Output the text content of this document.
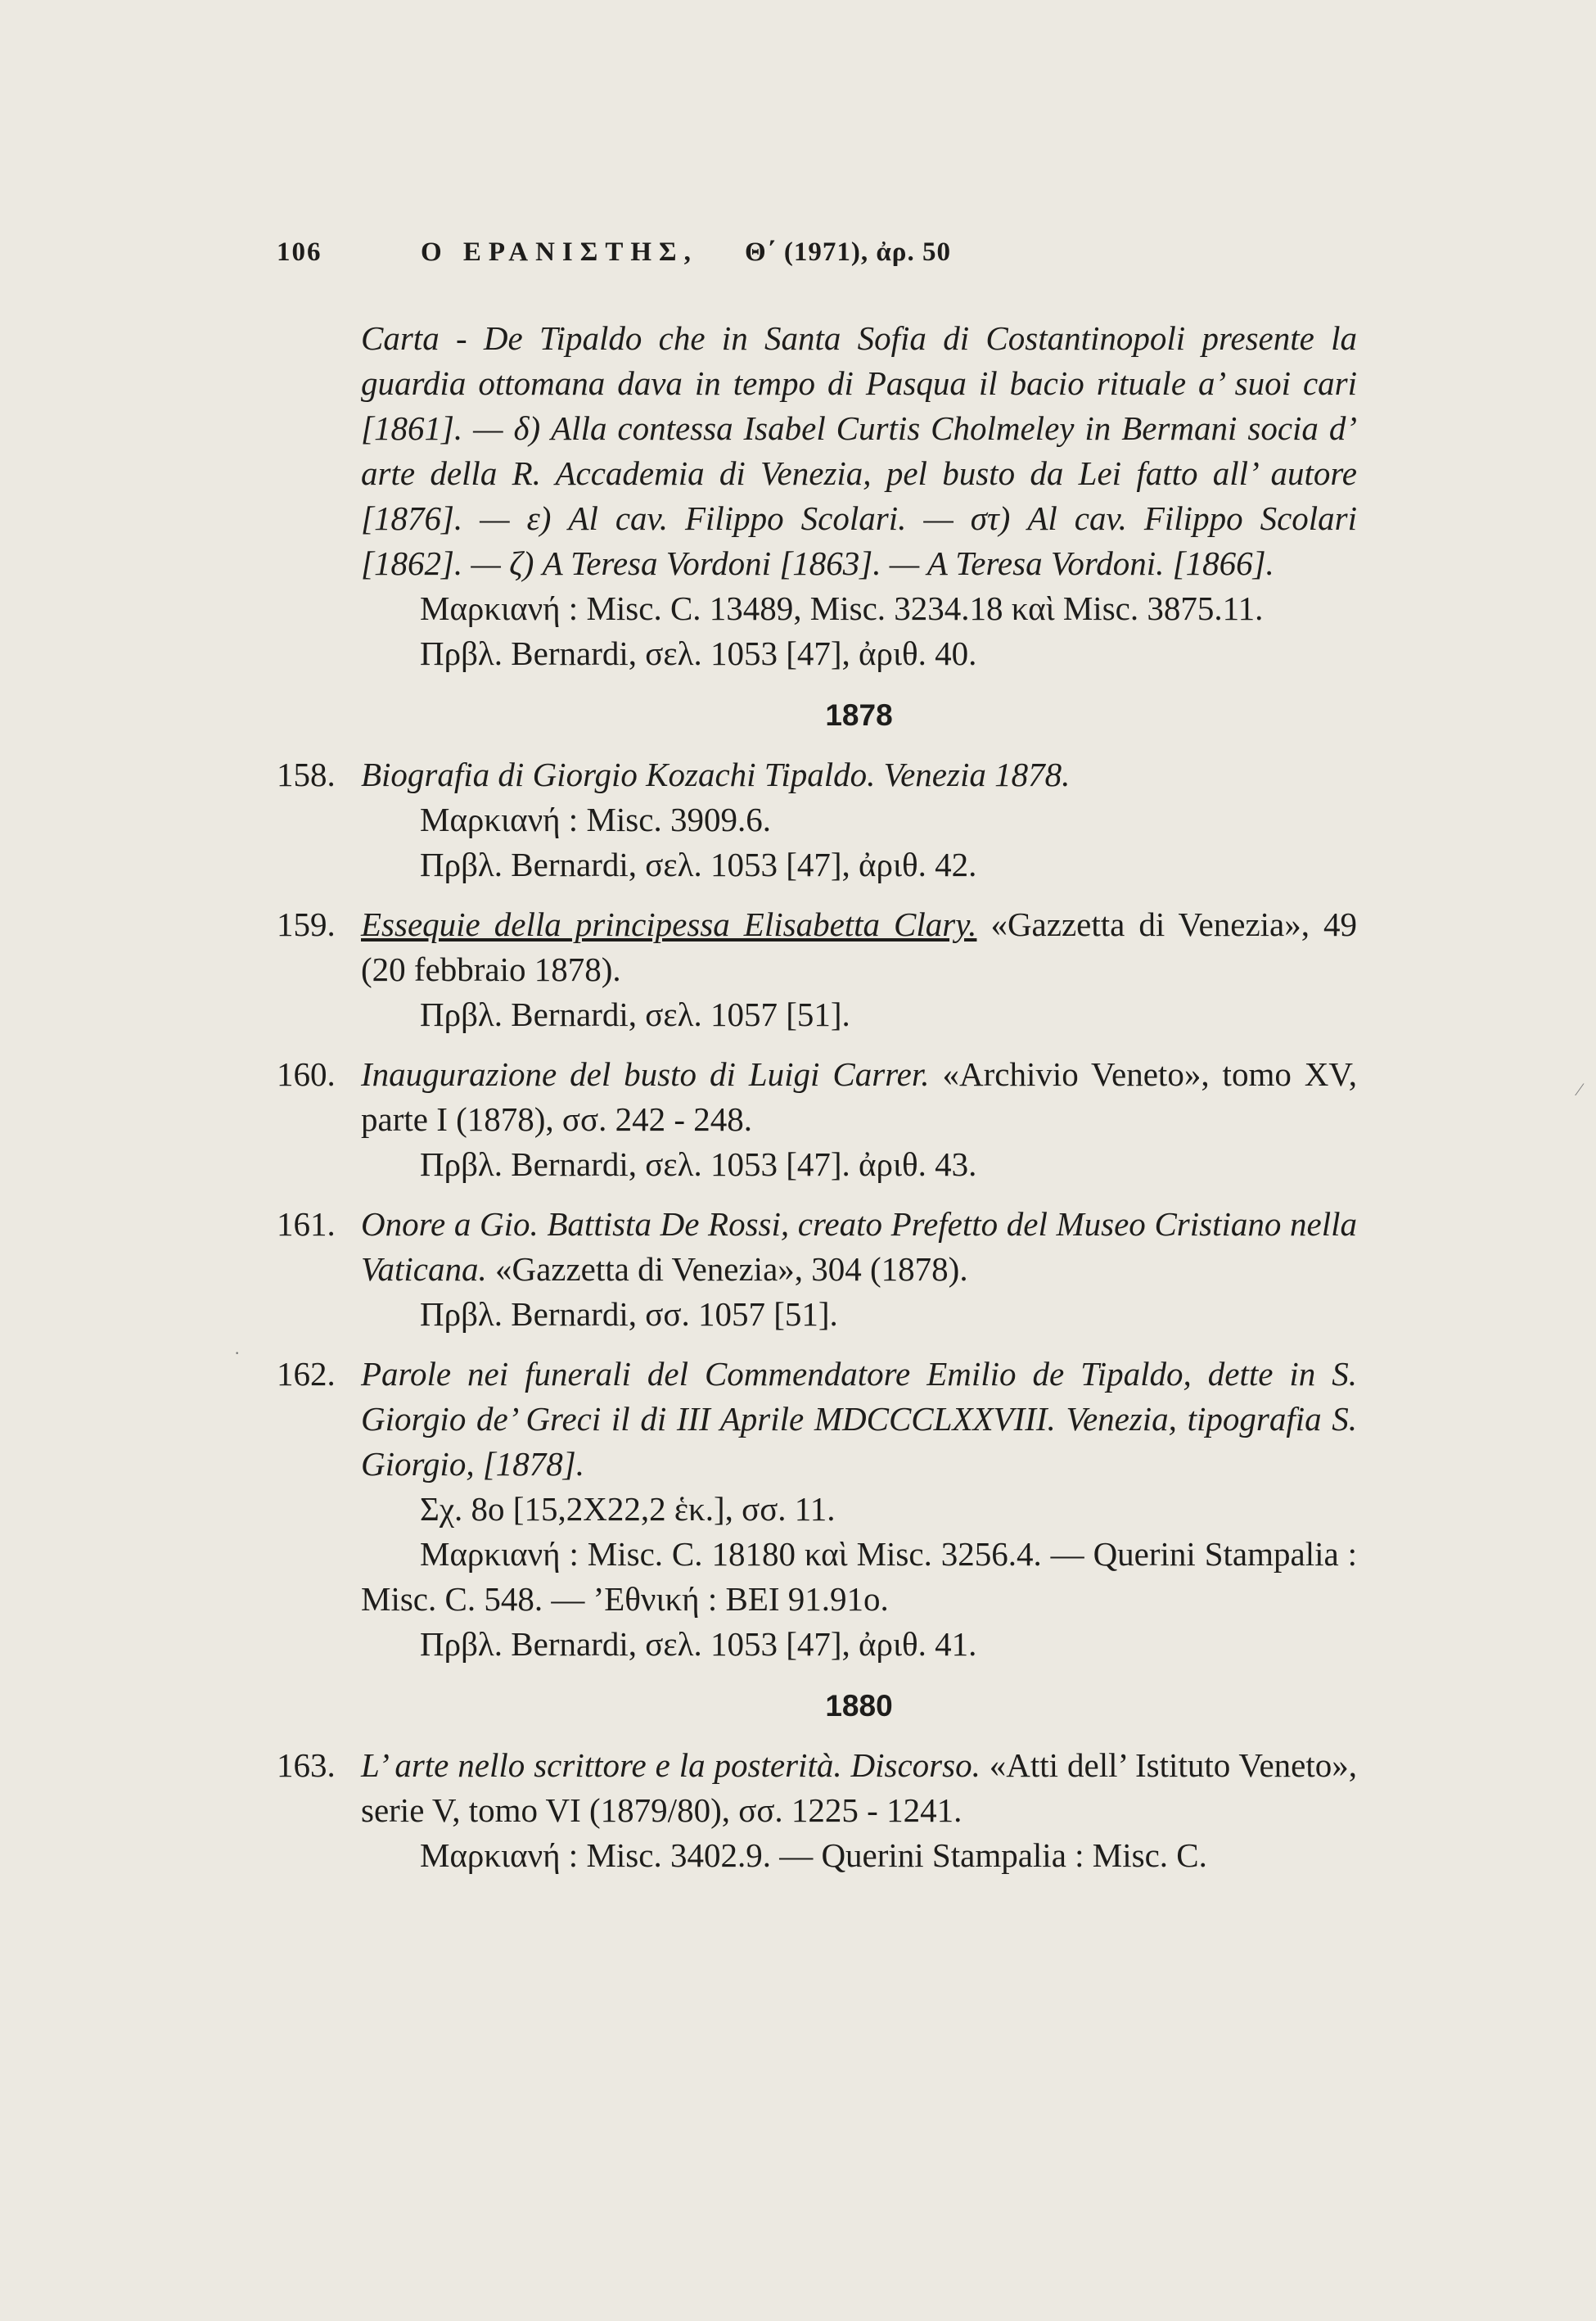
106	Ο ΕΡΑΝΙΣΤΗΣ, Θ΄ (1971), ἀρ. 50
Carta - De Tipaldo che in Santa Sofia di Costantinopoli presente la guardia ottomana dava in tempo di Pasqua il bacio rituale a’ suoi cari [1861]. — δ) Alla contessa Isabel Curtis Cholmeley in Bermani socia d’ arte della R. Accademia di Venezia, pel busto da Lei fatto all’ autore [1876]. — ε) Al cav. Filippo Scolari. — στ) Al cav. Filippo Scolari [1862]. — ζ) A Teresa Vordoni [1863]. — A Teresa Vordoni. [1866].
Μαρκιανή : Misc. C. 13489, Misc. 3234.18 καὶ Misc. 3875.11.
Πρβλ. Bernardi, σελ. 1053 [47], ἀριθ. 40.
1878
158. Biografia di Giorgio Kozachi Tipaldo. Venezia 1878.
Μαρκιανή : Misc. 3909.6.
Πρβλ. Bernardi, σελ. 1053 [47], ἀριθ. 42.
159. Essequie della principessa Elisabetta Clary. «Gazzetta di Venezia», 49 (20 febbraio 1878).
Πρβλ. Bernardi, σελ. 1057 [51].
160. Inaugurazione del busto di Luigi Carrer. «Archivio Veneto», tomo XV, parte I (1878), σσ. 242 - 248.
Πρβλ. Bernardi, σελ. 1053 [47]. ἀριθ. 43.
161. Onore a Gio. Battista De Rossi, creato Prefetto del Museo Cristiano nella Vaticana. «Gazzetta di Venezia», 304 (1878).
Πρβλ. Bernardi, σσ. 1057 [51].
162. Parole nei funerali del Commendatore Emilio de Tipaldo, dette in S. Giorgio de’ Greci il di III Aprile MDCCCLXXVIII. Venezia, tipografia S. Giorgio, [1878].
Σχ. 8ο [15,2Χ22,2 ἑκ.], σσ. 11.
Μαρκιανή : Misc. C. 18180 καὶ Misc. 3256.4. — Querini Stampalia : Misc. C. 548. — ’Εθνική : ΒΕΙ 91.91ο.
Πρβλ. Bernardi, σελ. 1053 [47], ἀριθ. 41.
1880
163. L’ arte nello scrittore e la posterità. Discorso. «Atti dell’ Istituto Veneto», serie V, tomo VI (1879/80), σσ. 1225 - 1241.
Μαρκιανή : Misc. 3402.9. — Querini Stampalia : Misc. C.
⁄
·
